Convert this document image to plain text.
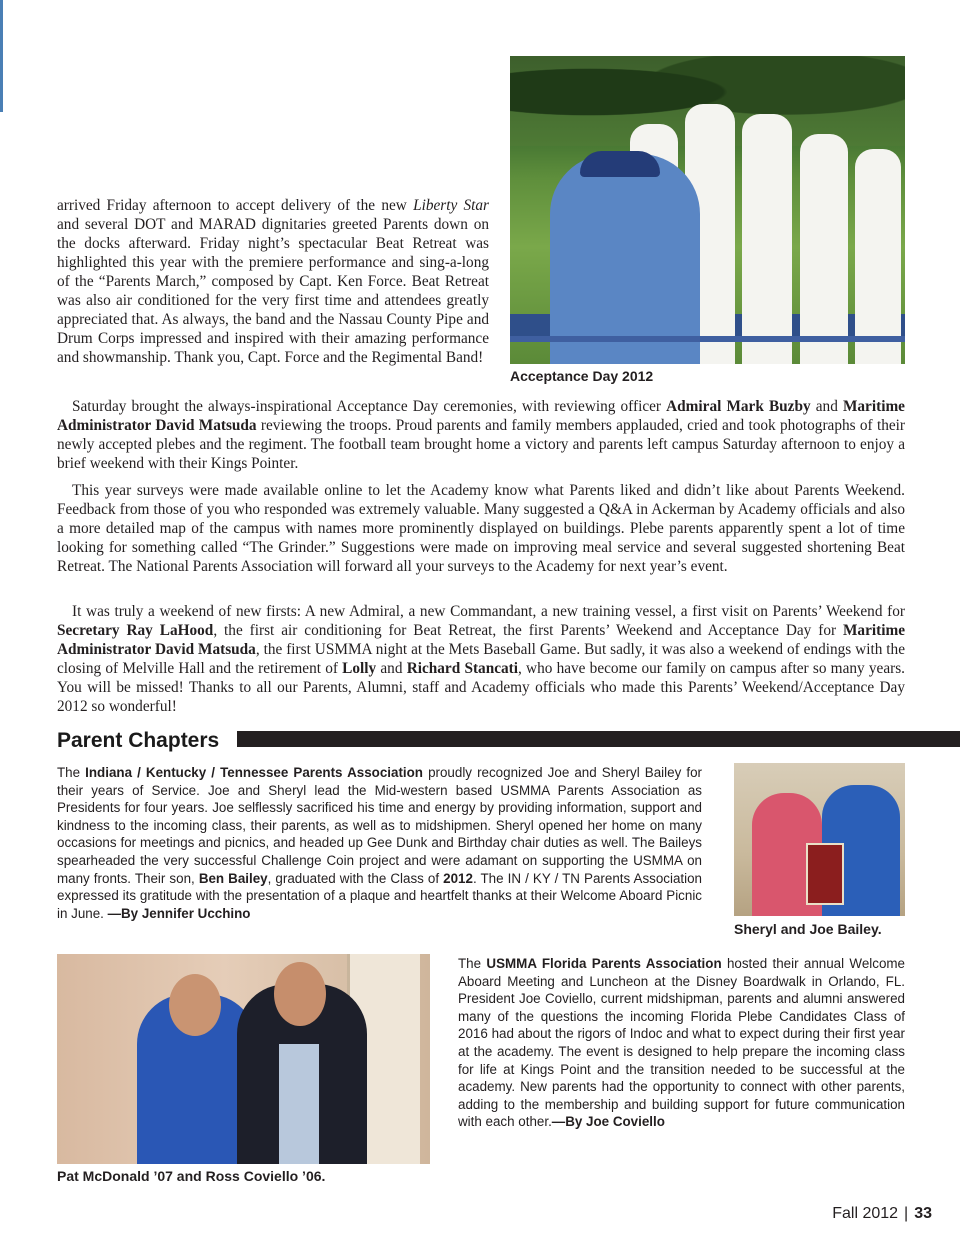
Acceptance Day 2012

arrived Friday afternoon to accept delivery of the new Liberty Star and several DOT and MARAD dignitaries greeted Parents down on the docks afterward. Friday night’s spectacular Beat Retreat was highlighted this year with the premiere performance and sing-a-long of the “Parents March,” composed by Capt. Ken Force. Beat Retreat was also air conditioned for the very first time and attendees greatly appreciated that. As always, the band and the Nassau County Pipe and Drum Corps impressed and inspired with their amazing performance and showmanship. Thank you, Capt. Force and the Regimental Band!

Saturday brought the always-inspirational Acceptance Day ceremonies, with reviewing officer Admiral Mark Buzby and Maritime Administrator David Matsuda reviewing the troops. Proud parents and family members applauded, cried and took photographs of their newly accepted plebes and the regiment. The football team brought home a victory and parents left campus Saturday afternoon to enjoy a brief weekend with their Kings Pointer.

This year surveys were made available online to let the Academy know what Parents liked and didn’t like about Parents Weekend. Feedback from those of you who responded was extremely valuable. Many suggested a Q&A in Ackerman by Academy officials and also a more detailed map of the campus with names more prominently displayed on buildings. Plebe parents apparently spent a lot of time looking for something called “The Grinder.” Suggestions were made on improving meal service and several suggested shortening Beat Retreat. The National Parents Association will forward all your surveys to the Academy for next year’s event.

It was truly a weekend of new firsts: A new Admiral, a new Commandant, a new training vessel, a first visit on Parents’ Weekend for Secretary Ray LaHood, the first air conditioning for Beat Retreat, the first Parents’ Weekend and Acceptance Day for Maritime Administrator David Matsuda, the first USMMA night at the Mets Baseball Game. But sadly, it was also a weekend of endings with the closing of Melville Hall and the retirement of Lolly and Richard Stancati, who have become our family on campus after so many years. You will be missed! Thanks to all our Parents, Alumni, staff and Academy officials who made this Parents’ Weekend/Acceptance Day 2012 so wonderful!

Parent Chapters

The Indiana / Kentucky / Tennessee Parents Association proudly recognized Joe and Sheryl Bailey for their years of Service. Joe and Sheryl lead the Mid-western based USMMA Parents Association as Presidents for four years. Joe selflessly sacrificed his time and energy by providing information, support and kindness to the incoming class, their parents, as well as to midshipmen. Sheryl opened her home on many occasions for meetings and picnics, and headed up Gee Dunk and Birthday chair duties as well. The Baileys spearheaded the very successful Challenge Coin project and were adamant on supporting the USMMA on many fronts. Their son, Ben Bailey, graduated with the Class of 2012. The IN / KY / TN Parents Association expressed its gratitude with the presentation of a plaque and heartfelt thanks at their Welcome Aboard Picnic in June. —By Jennifer Ucchino

Sheryl and Joe Bailey.
Pat McDonald ’07 and Ross Coviello ’06.

The USMMA Florida Parents Association hosted their annual Welcome Aboard Meeting and Luncheon at the Disney Boardwalk in Orlando, FL. President Joe Coviello, current midshipman, parents and alumni answered many of the questions the incoming Florida Plebe Candidates Class of 2016 had about the rigors of Indoc and what to expect during their first year at the academy. The event is designed to help prepare the incoming class for life at Kings Point and the transition needed to be successful at the academy. New parents had the opportunity to connect with other parents, adding to the membership and building support for future communication with each other.—By Joe Coviello

Fall 2012 | 33
